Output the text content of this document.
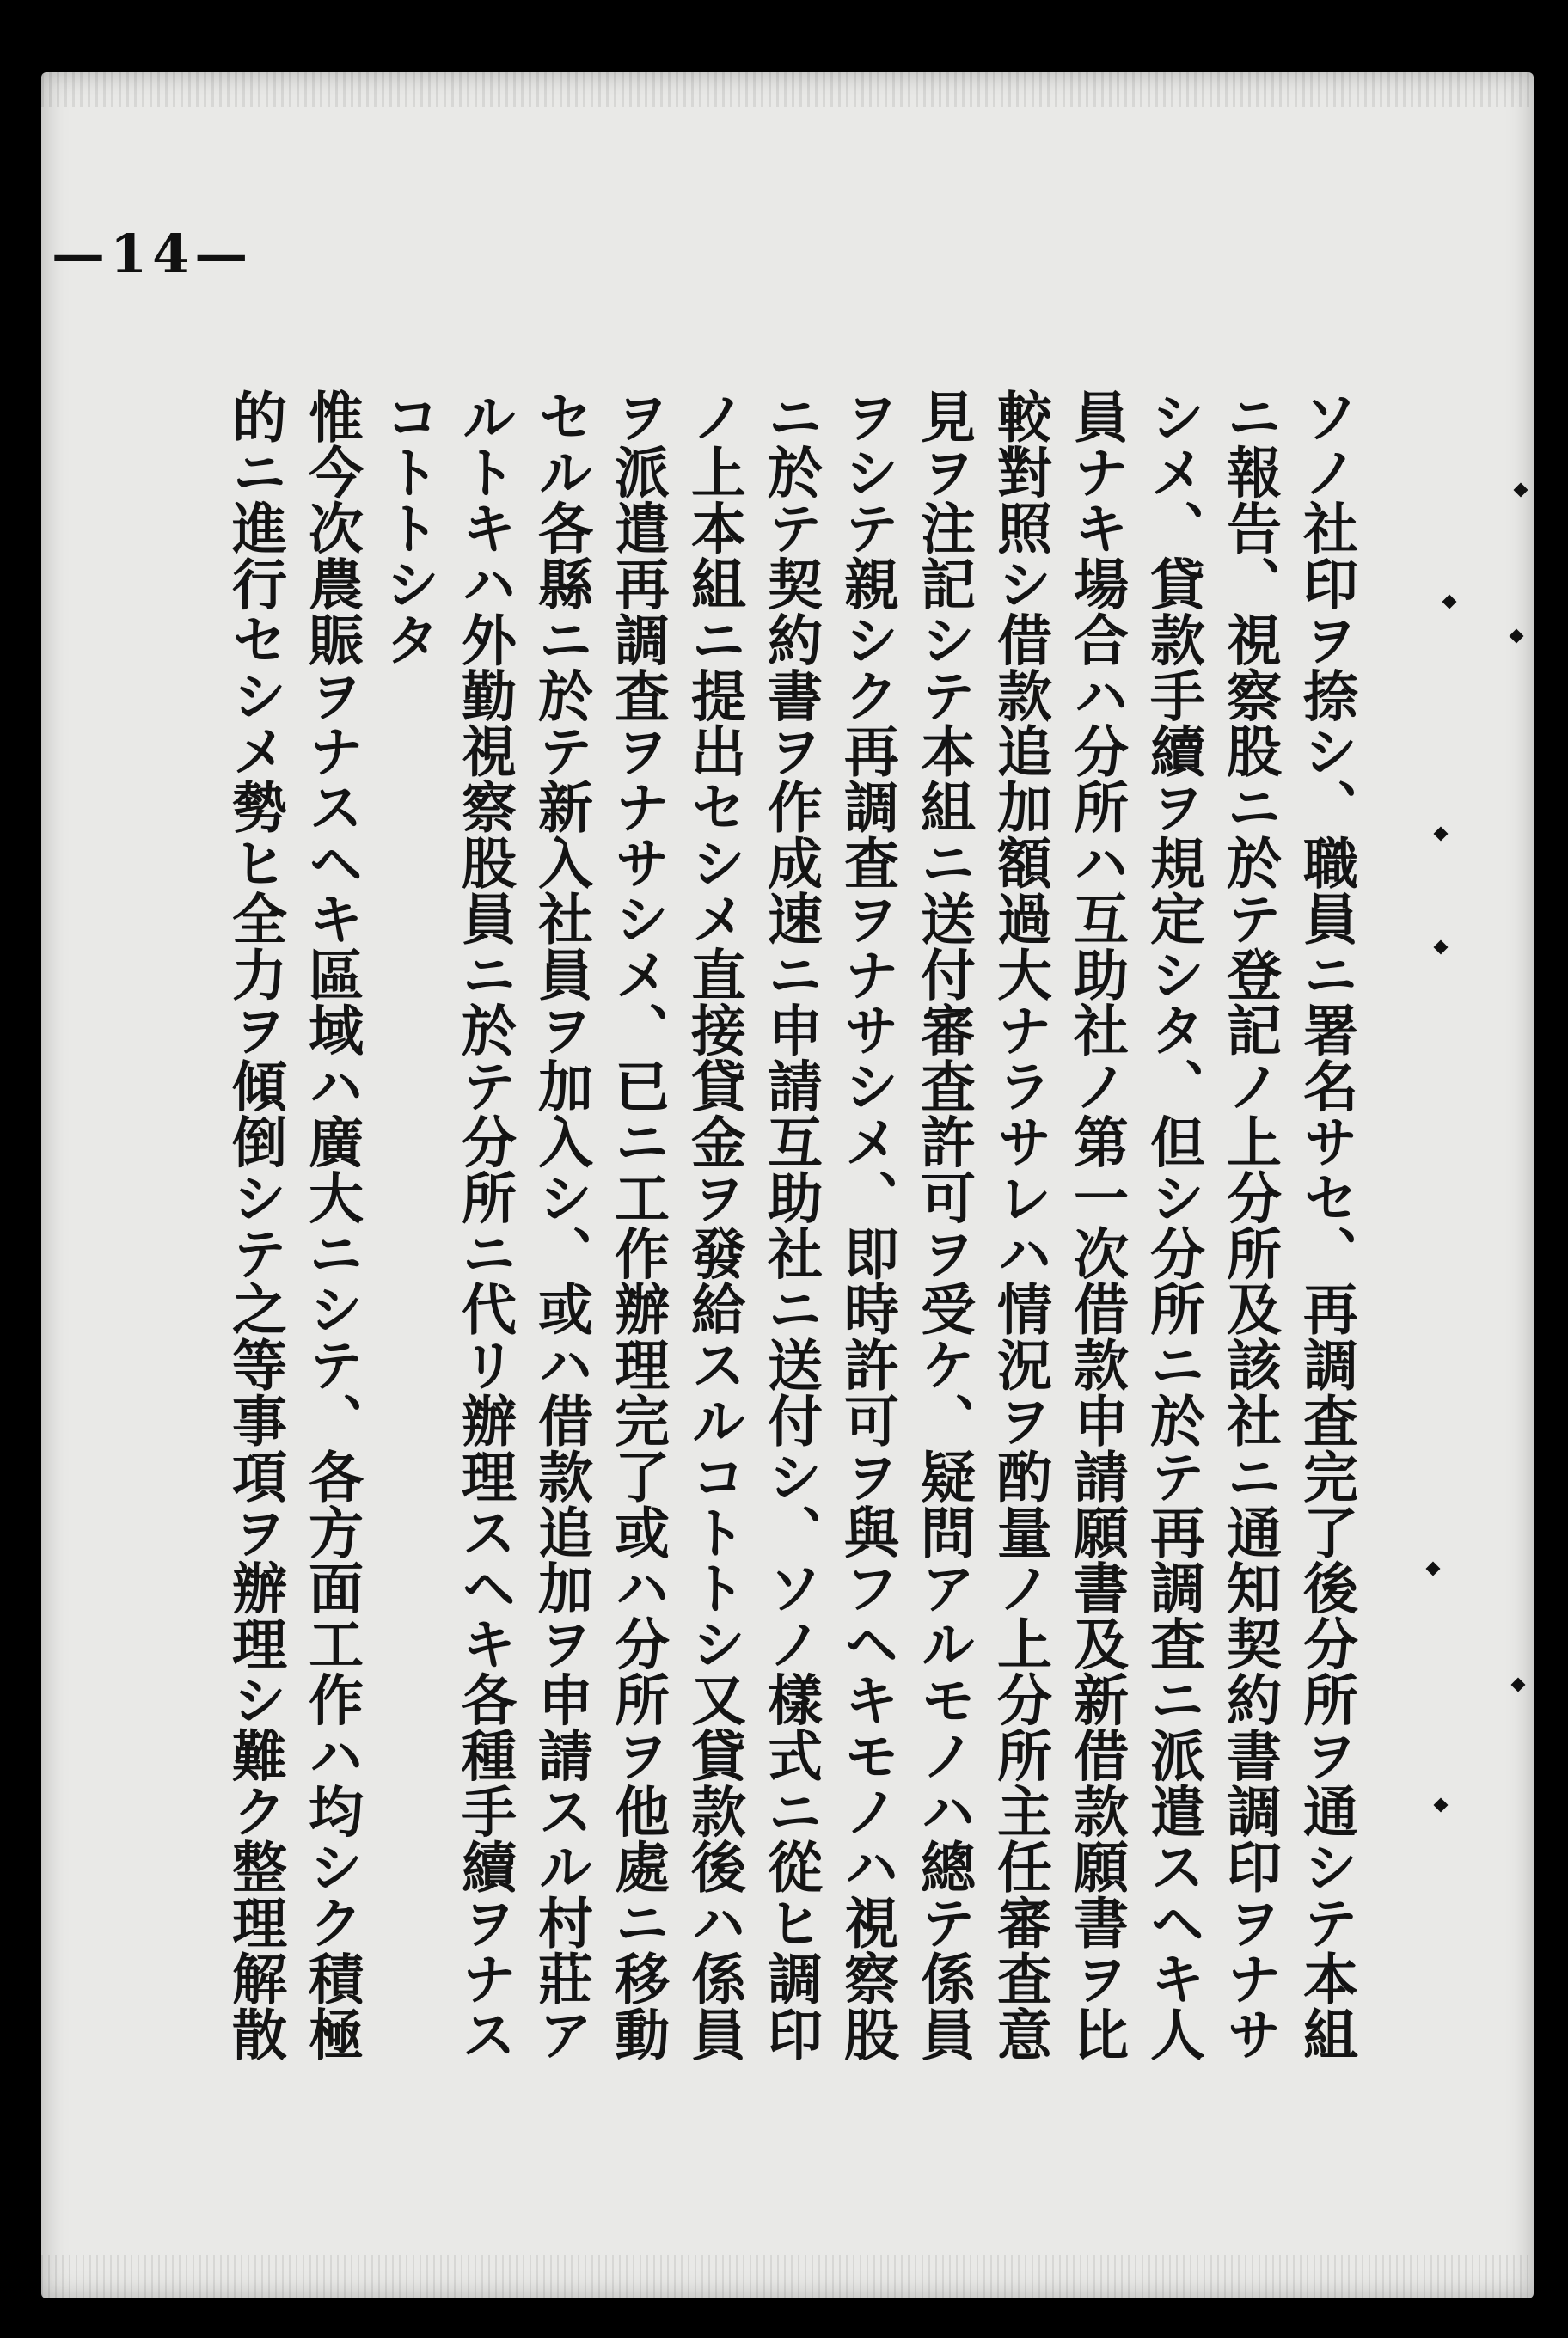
—14—
ソノ社印ヲ捺シ、職員ニ署名サセ、再調査完了後分所ヲ通シテ本組
ニ報告、視察股ニ於テ登記ノ上分所及該社ニ通知契約書調印ヲナサ
シメ、貸款手續ヲ規定シタ、但シ分所ニ於テ再調査ニ派遣スヘキ人
員ナキ場合ハ分所ハ互助社ノ第一次借款申請願書及新借款願書ヲ比
較對照シ借款追加額過大ナラサレハ情況ヲ酌量ノ上分所主任審査意
見ヲ注記シテ本組ニ送付審査許可ヲ受ケ、疑問アルモノハ總テ係員
ヲシテ親シク再調査ヲナサシメ、即時許可ヲ與フヘキモノハ視察股
ニ於テ契約書ヲ作成速ニ申請互助社ニ送付シ、ソノ樣式ニ從ヒ調印
ノ上本組ニ提出セシメ直接貸金ヲ發給スルコトトシ又貸款後ハ係員
ヲ派遣再調査ヲナサシメ、已ニ工作辦理完了或ハ分所ヲ他處ニ移動
セル各縣ニ於テ新入社員ヲ加入シ、或ハ借款追加ヲ申請スル村莊ア
ルトキハ外勤視察股員ニ於テ分所ニ代リ辦理スヘキ各種手續ヲナス
コトトシタ
惟今次農賑ヲナスヘキ區域ハ廣大ニシテ、各方面工作ハ均シク積極
的ニ進行セシメ勢ヒ全力ヲ傾倒シテ之等事項ヲ辦理シ難ク整理解散
